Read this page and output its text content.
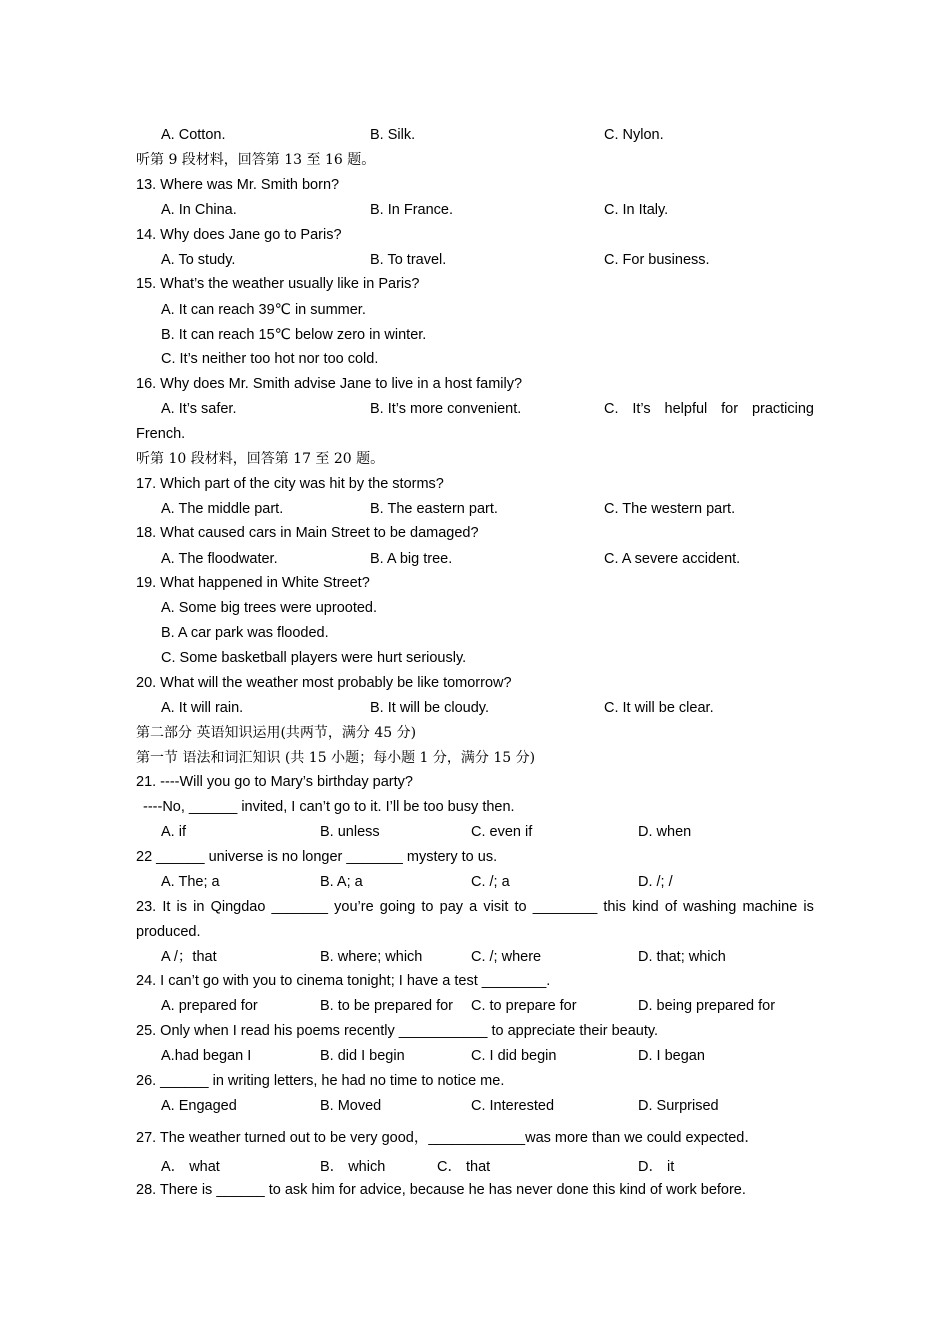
A. Cotton.	B. Silk.	C. Nylon.
听第 9 段材料，回答第 13 至 16 题。
13. Where was Mr. Smith born?
A. In China.	B. In France.	C. In Italy.
14. Why does Jane go to Paris?
A. To study.	B. To travel.	C. For business.
15. What’s the weather usually like in Paris?
A. It can reach 39℃ in summer.
B. It can reach 15℃ below zero in winter.
C. It’s neither too hot nor too cold.
16. Why does Mr. Smith advise Jane to live in a host family?
A. It’s safer.	B. It’s more convenient.	C. It’s helpful for practicing
French.
听第 10 段材料，回答第 17 至 20 题。
17. Which part of the city was hit by the storms?
A. The middle part.	B. The eastern part.	C. The western part.
18. What caused cars in Main Street to be damaged?
A. The floodwater.	B. A big tree.	C. A severe accident.
19. What happened in White Street?
A. Some big trees were uprooted.
B. A car park was flooded.
C. Some basketball players were hurt seriously.
20. What will the weather most probably be like tomorrow?
A. It will rain.	B. It will be cloudy.	C. It will be clear.
第二部分 英语知识运用(共两节，满分 45 分)
第一节 语法和词汇知识 (共 15 小题；每小题 1 分，满分 15 分)
21. ----Will you go to Mary’s birthday party?
----No, ______ invited, I can’t go to it. I’ll be too busy then.
A. if	B. unless	C. even if	D. when
22 ______ universe is no longer _______ mystery to us.
A. The; a	B. A; a	C. /; a	D. /; /
23. It is in Qingdao _______ you’re going to pay a visit to ________ this kind of washing machine is
produced.
A /；that	B. where; which	C. /; where	D. that; which
24. I can’t go with you to cinema tonight; I have a test ________.
A. prepared for	B. to be prepared for C. to prepare for	D. being prepared for
25. Only when I read his poems recently ___________ to appreciate their beauty.
A.had began I	B. did I begin	C. I did begin	D. I began
26. ______ in writing letters, he had no time to notice me.
A. Engaged	B. Moved	C. Interested	D. Surprised
27. The weather turned out to be very good，____________was more than we could expected．
A． what	B． which	C． that	D． it
28. There is ______ to ask him for advice, because he has never done this kind of work before.
